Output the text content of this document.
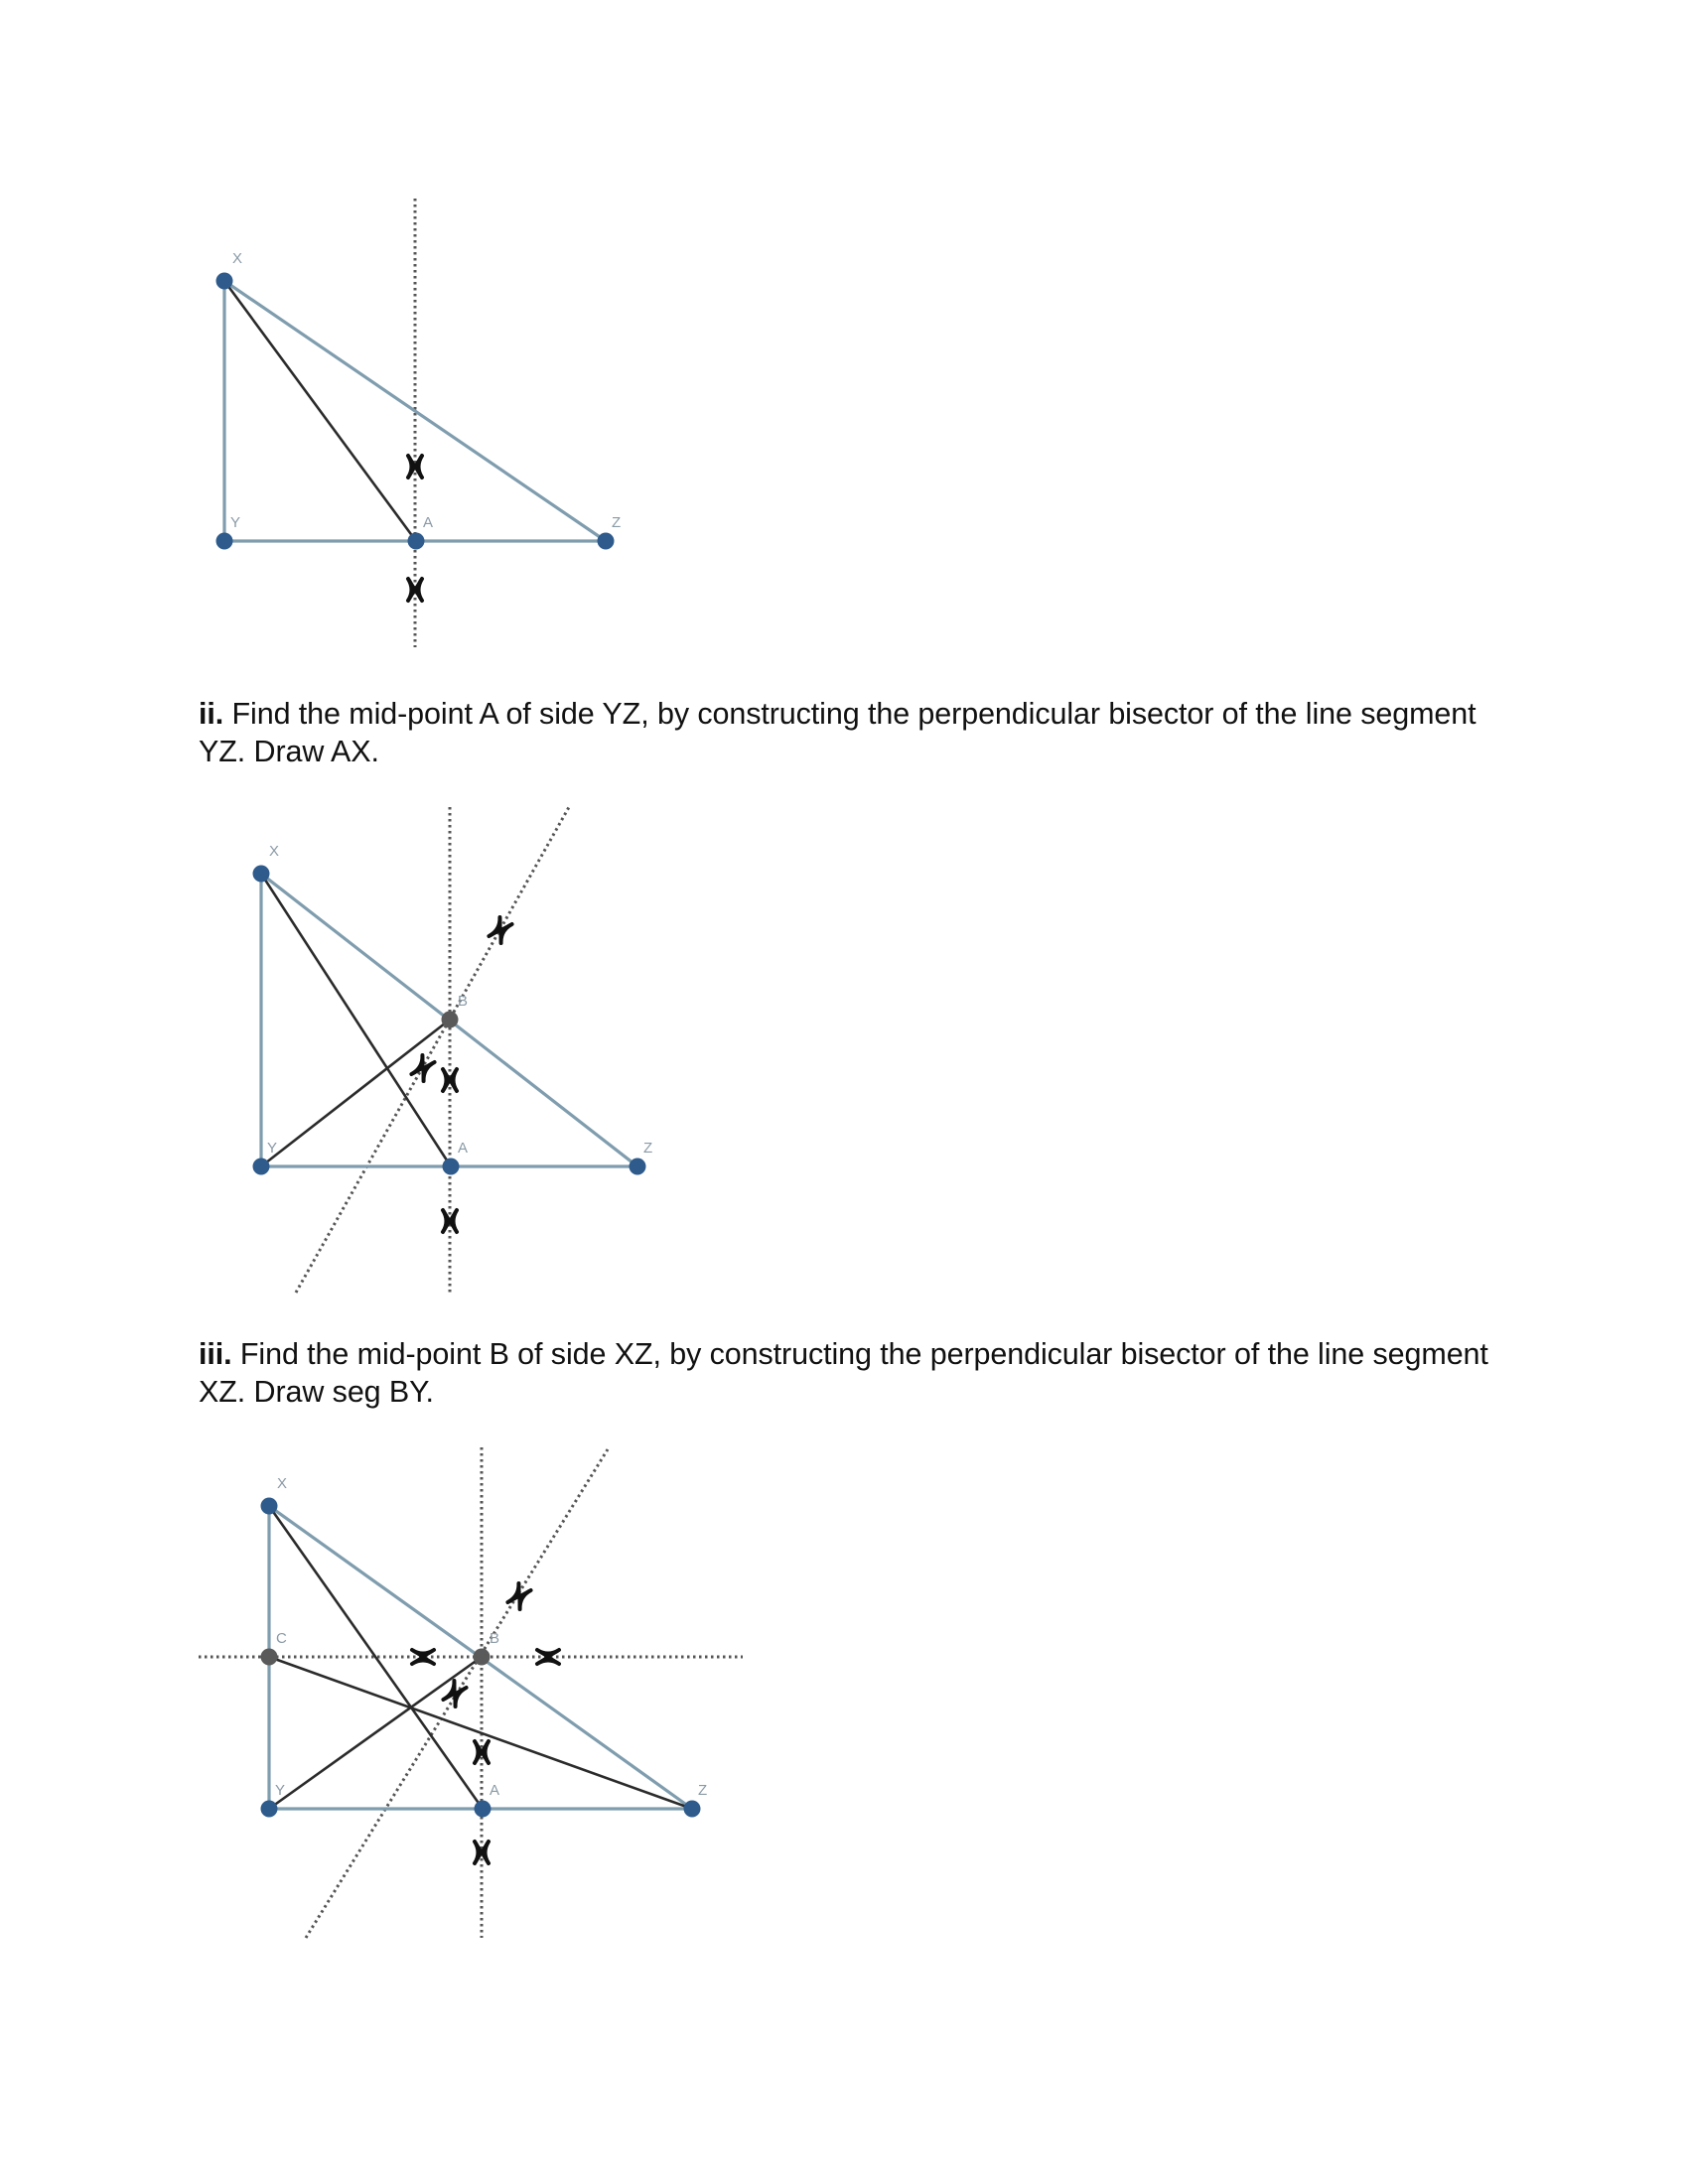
X
Y	Z
A
X
Y	Z
A
B
X
C
Y	Z
A
B
ii. Find the mid-point A of side YZ, by constructing the perpendicular bisector of the line segment YZ. Draw AX.
iii. Find the mid-point B of side XZ, by constructing the perpendicular bisector of the line segment XZ. Draw seg BY.
